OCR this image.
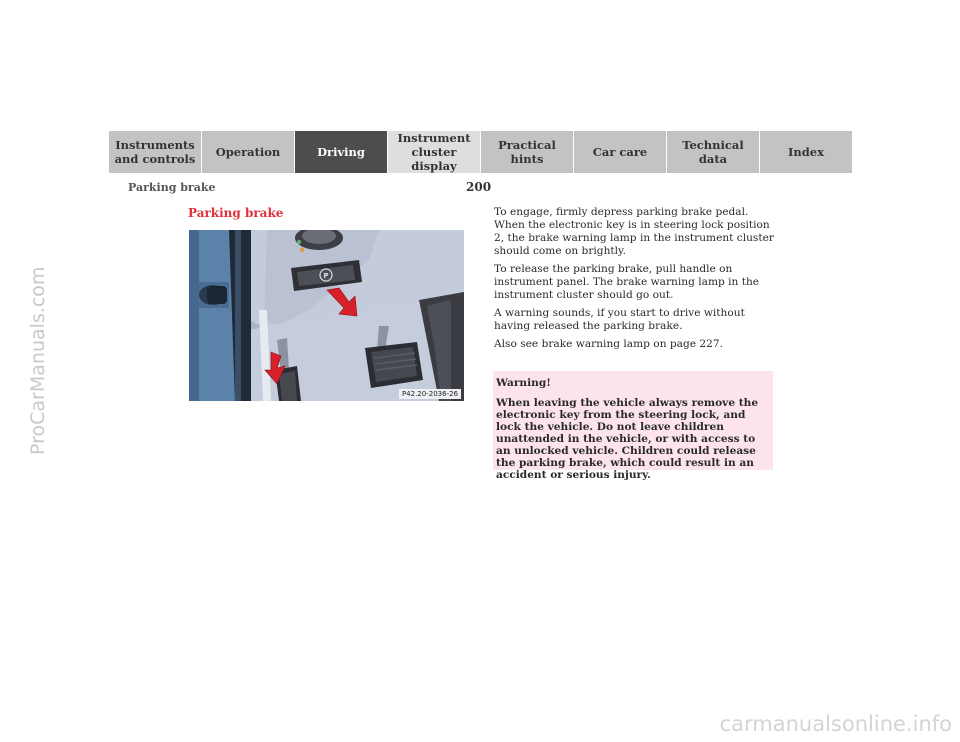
ProCarManuals.com
Instruments
and controls Operation	Driving
Instrument
cluster display
Practical hints	Car care	Technical
data	Index
Parking brake	200
Parking brake
P
P42.20-2036-26

To engage, firmly depress parking brake pedal. When the electronic key is in steering lock position 2, the brake warning lamp in the instrument cluster should come on brightly.

To release the parking brake, pull handle on instrument panel. The brake warning lamp in the instrument cluster should go out.

A warning sounds, if you start to drive without having released the parking brake.

Also see brake warning lamp on page 227.

Warning!
When leaving the vehicle always remove the electronic key from the steering lock, and lock the vehicle. Do not leave children unattended in the vehicle, or with access to an unlocked vehicle. Children could release the parking brake, which could result in an accident or serious injury.
carmanualsonline.info
